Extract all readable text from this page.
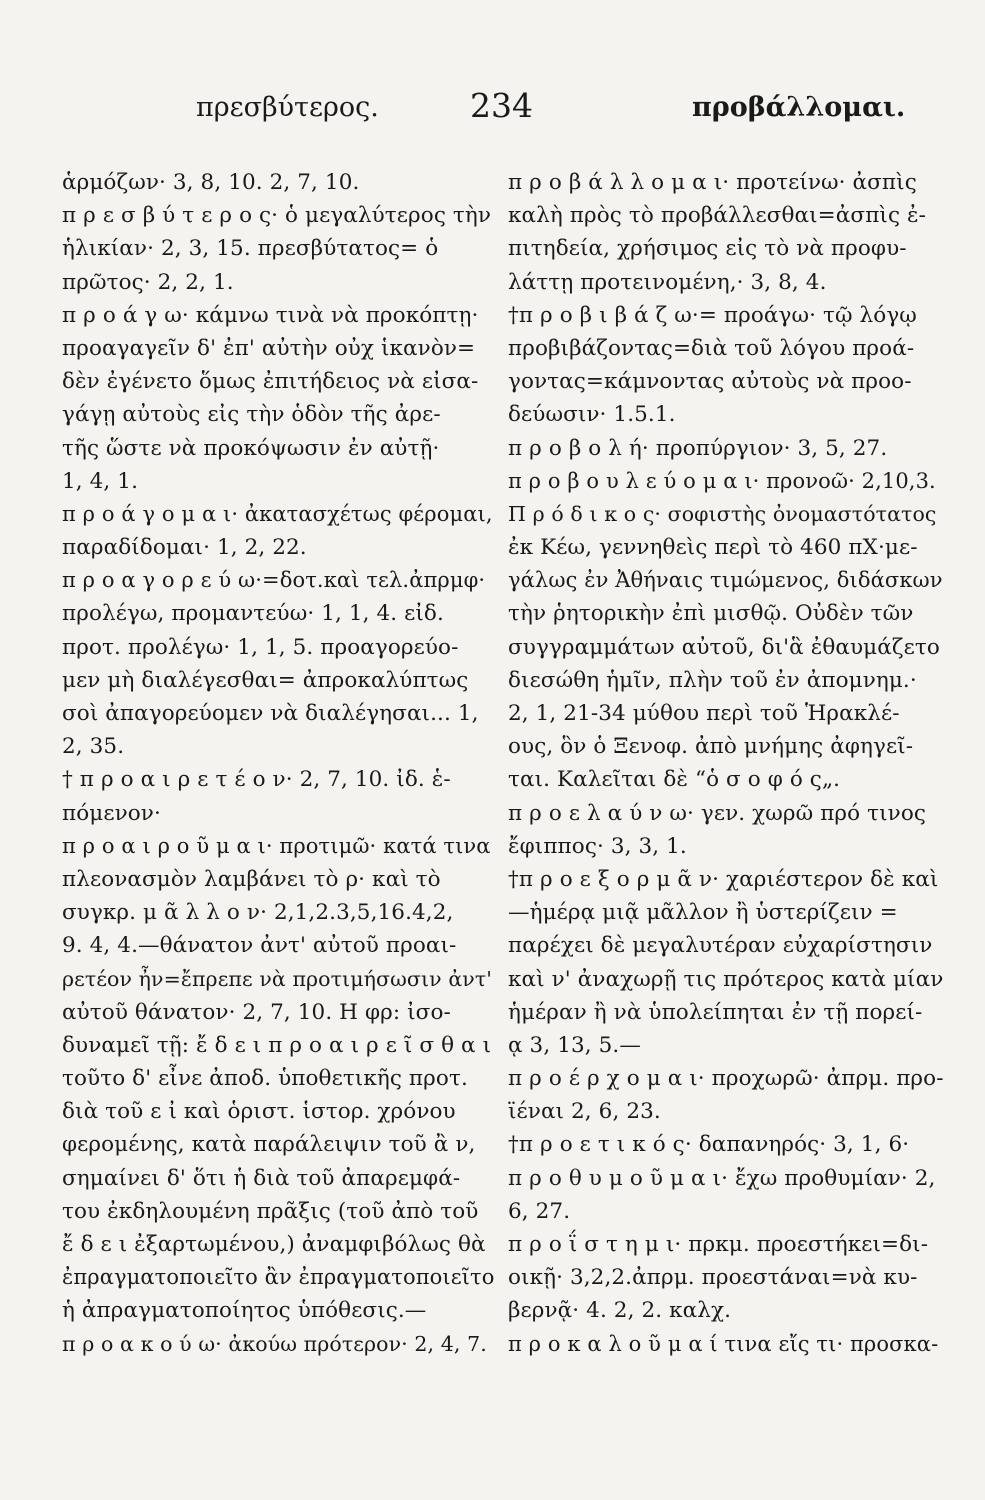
πρεσβύτερος.	234	προβάλλομαι.
ἁρμόζων· 3, 8, 10. 2, 7, 10.
π ρ ε σ β ύ τ ε ρ ο ς· ὁ μεγαλύτερος τὴν
ἡλικίαν· 2, 3, 15. πρεσβύτατος= ὁ
πρῶτος· 2, 2, 1.
π ρ ο ά γ ω· κάμνω τινὰ νὰ προκόπτῃ·
προαγαγεῖν δ' ἐπ' αὐτὴν οὐχ ἱκανὸν=
δὲν ἐγένετο ὅμως ἐπιτήδειος νὰ εἰσα-
γάγῃ αὐτοὺς εἰς τὴν ὁδὸν τῆς ἀρε-
τῆς ὥστε νὰ προκόψωσιν ἐν αὐτῇ·
1, 4, 1.
π ρ ο ά γ ο μ α ι· ἀκατασχέτως φέρομαι,
παραδίδομαι· 1, 2, 22.
π ρ ο α γ ο ρ ε ύ ω·=δοτ.καὶ τελ.ἀπρμφ·
προλέγω, προμαντεύω· 1, 1, 4. εἰδ.
προτ. προλέγω· 1, 1, 5. προαγορεύο-
μεν μὴ διαλέγεσθαι= ἀπροκαλύπτως
σοὶ ἀπαγορεύομεν νὰ διαλέγησαι... 1,
2, 35.
† π ρ ο α ι ρ ε τ έ ο ν· 2, 7, 10. ἰδ. ἑ-
πόμενον·
π ρ ο α ι ρ ο ῦ μ α ι· προτιμῶ· κατά τινα
πλεονασμὸν λαμβάνει τὸ ρ· καὶ τὸ
συγκρ. μ ᾶ λ λ ο ν· 2,1,2.3,5,16.4,2,
9. 4, 4.—θάνατον ἀντ' αὐτοῦ προαι-
ρετέον ἦν=ἔπρεπε νὰ προτιμήσωσιν ἀντ'
αὐτοῦ θάνατον· 2, 7, 10. Η φρ: ἰσο-
δυναμεῖ τῇ: ἔ δ ε ι π ρ ο α ι ρ ε ῖ σ θ α ι
τοῦτο δ' εἶνε ἀποδ. ὑποθετικῆς προτ.
διὰ τοῦ ε ἰ καὶ ὁριστ. ἱστορ. χρόνου
φερομένης, κατὰ παράλειψιν τοῦ ἂ ν,
σημαίνει δ' ὅτι ἡ διὰ τοῦ ἀπαρεμφά-
του ἐκδηλουμένη πρᾶξις (τοῦ ἀπὸ τοῦ
ἔ δ ε ι ἐξαρτωμένου,) ἀναμφιβόλως θὰ
ἐπραγματοποιεῖτο ἂν ἐπραγματοποιεῖτο
ἡ ἀπραγματοποίητος ὑπόθεσις.—
π ρ ο α κ ο ύ ω· ἀκούω πρότερον· 2, 4, 7.
π ρ ο β ά λ λ ο μ α ι· προτείνω· ἀσπὶς
καλὴ πρὸς τὸ προβάλλεσθαι=ἀσπὶς ἐ-
πιτηδεία, χρήσιμος εἰς τὸ νὰ προφυ-
λάττῃ προτεινομένη,· 3, 8, 4.
†π ρ ο β ι β ά ζ ω·= προάγω· τῷ λόγῳ
προβιβάζοντας=διὰ τοῦ λόγου προά-
γοντας=κάμνοντας αὐτοὺς νὰ προο-
δεύωσιν· 1.5.1.
π ρ ο β ο λ ή· προπύργιον· 3, 5, 27.
π ρ ο β ο υ λ ε ύ ο μ α ι· προνοῶ· 2,10,3.
Π ρ ό δ ι κ ο ς· σοφιστὴς ὀνομαστότατος
ἐκ Κέω, γεννηθεὶς περὶ τὸ 460 πΧ·με-
γάλως ἐν Ἀθήναις τιμώμενος, διδάσκων
τὴν ῥητορικὴν ἐπὶ μισθῷ. Οὐδὲν τῶν
συγγραμμάτων αὐτοῦ, δι'ἃ ἐθαυμάζετο
διεσώθη ἡμῖν, πλὴν τοῦ ἐν ἀπομνημ.·
2, 1, 21-34 μύθου περὶ τοῦ Ἡρακλέ-
ους, ὃν ὁ Ξενοφ. ἀπὸ μνήμης ἀφηγεῖ-
ται. Καλεῖται δὲ “ὁ σ ο φ ό ς„.
π ρ ο ε λ α ύ ν ω· γεν. χωρῶ πρό τινος
ἔφιππος· 3, 3, 1.
†π ρ ο ε ξ ο ρ μ ᾶ ν· χαριέστερον δὲ καὶ
—ἡμέρᾳ μιᾷ μᾶλλον ἢ ὑστερίζειν =
παρέχει δὲ μεγαλυτέραν εὐχαρίστησιν
καὶ ν' ἀναχωρῇ τις πρότερος κατὰ μίαν
ἡμέραν ἢ νὰ ὑπολείπηται ἐν τῇ πορεί-
ᾳ 3, 13, 5.—
π ρ ο έ ρ χ ο μ α ι· προχωρῶ· ἀπρμ. προ-
ϊέναι 2, 6, 23.
†π ρ ο ε τ ι κ ό ς· δαπανηρός· 3, 1, 6·
π ρ ο θ υ μ ο ῦ μ α ι· ἔχω προθυμίαν· 2,
6, 27.
π ρ ο ΐ σ τ η μ ι· πρκμ. προεστήκει=δι-
οικῇ· 3,2,2.ἀπρμ. προεστάναι=νὰ κυ-
βερνᾷ· 4. 2, 2. καλχ.
π ρ ο κ α λ ο ῦ μ α ί τινα εἴς τι· προσκα-
